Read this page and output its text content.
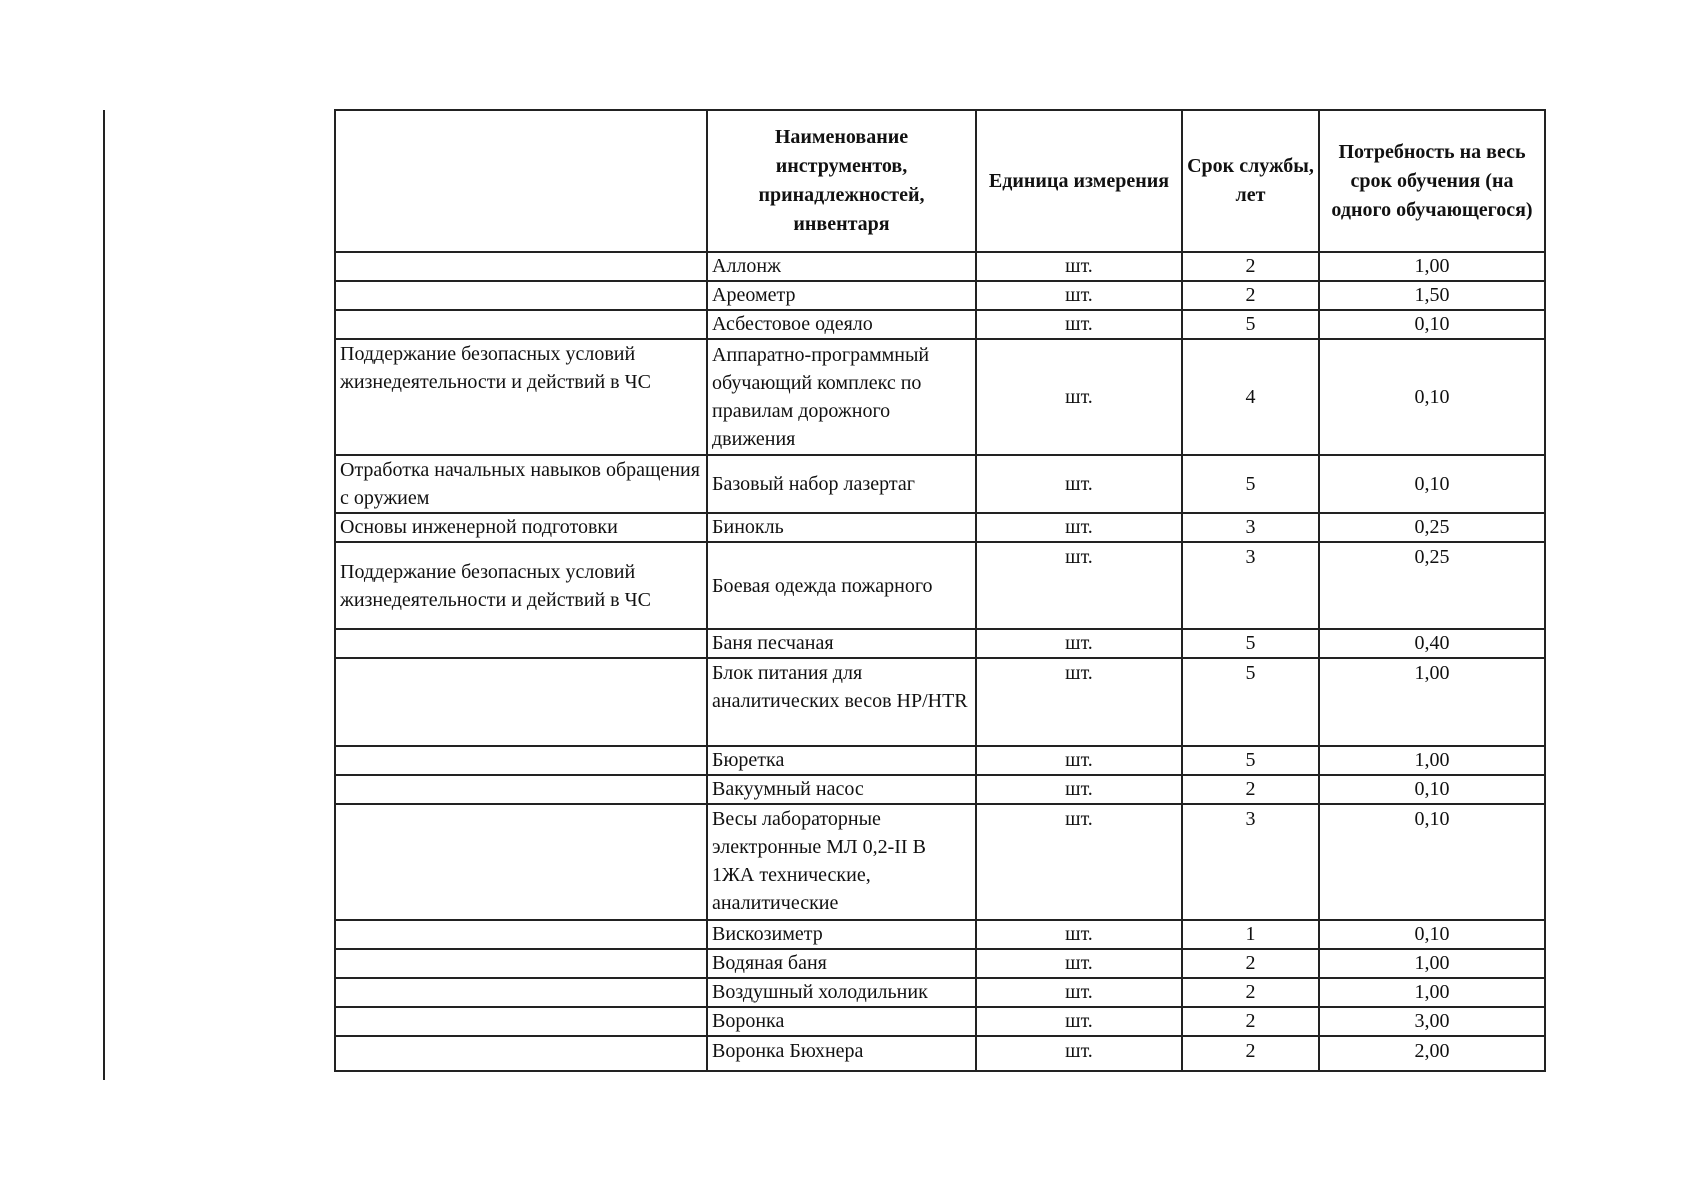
	Наименование инструментов, принадлежностей, инвентаря	Единица измерения	Срок службы, лет	Потребность на весь срок обучения (на одного обучающегося)
	Аллонж	шт.	2	1,00
	Ареометр	шт.	2	1,50
	Асбестовое одеяло	шт.	5	0,10
Поддержание безопасных условий жизнедеятельности и действий в ЧС	Аппаратно-программный обучающий комплекс по правилам дорожного движения	шт.	4	0,10
Отработка начальных навыков обращения с оружием	Базовый набор лазертаг	шт.	5	0,10
Основы инженерной подготовки	Бинокль	шт.	3	0,25
Поддержание безопасных условий жизнедеятельности и действий в ЧС	Боевая одежда пожарного	шт.	3	0,25
	Баня песчаная	шт.	5	0,40
	Блок питания для аналитических весов HP/HTR	шт.	5	1,00
	Бюретка	шт.	5	1,00
	Вакуумный насос	шт.	2	0,10
	Весы лабораторные электронные МЛ 0,2-II В 1ЖА технические, аналитические	шт.	3	0,10
	Вискозиметр	шт.	1	0,10
	Водяная баня	шт.	2	1,00
	Воздушный холодильник	шт.	2	1,00
	Воронка	шт.	2	3,00
	Воронка Бюхнера	шт.	2	2,00
